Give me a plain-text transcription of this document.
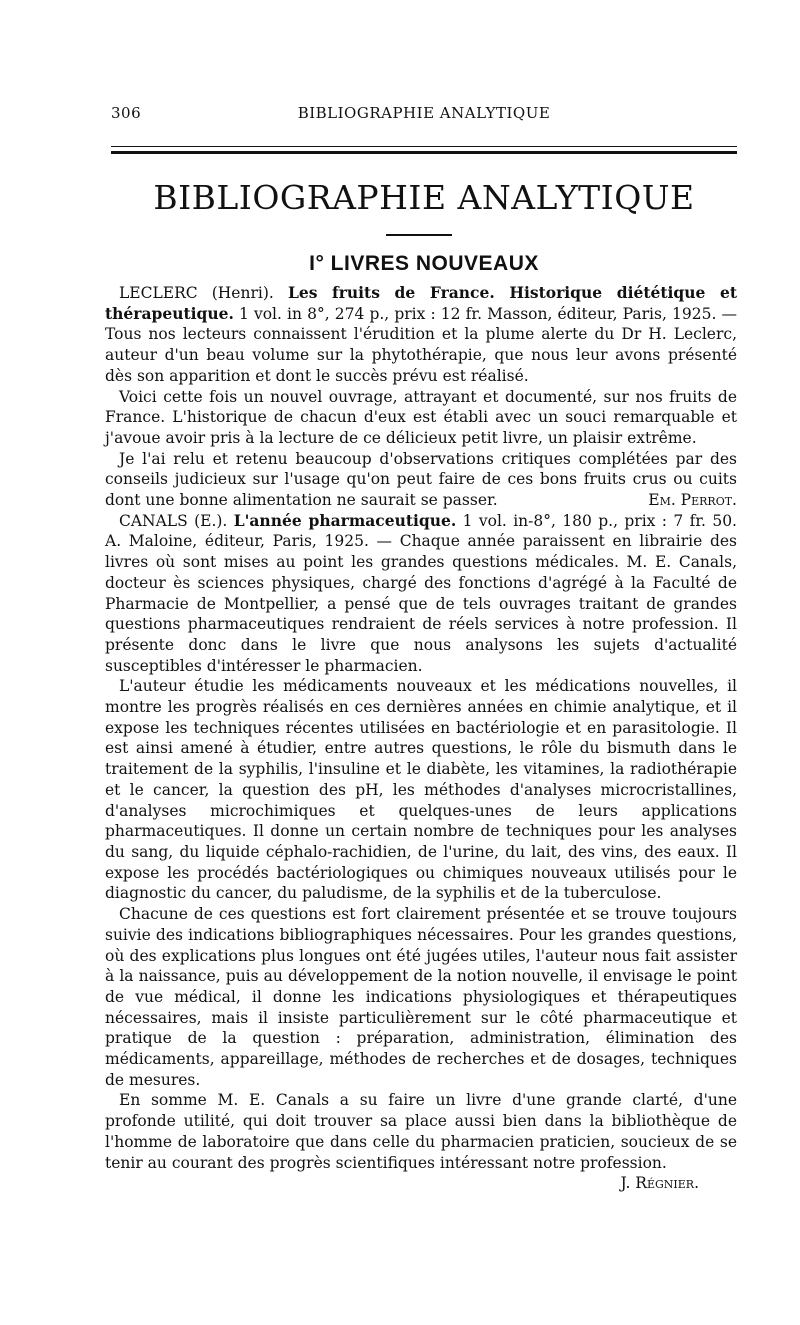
306	BIBLIOGRAPHIE ANALYTIQUE
BIBLIOGRAPHIE ANALYTIQUE
I° LIVRES NOUVEAUX

LECLERC (Henri). Les fruits de France. Historique diététique et thérapeutique. 1 vol. in 8°, 274 p., prix : 12 fr. Masson, éditeur, Paris, 1925. — Tous nos lecteurs connaissent l'érudition et la plume alerte du Dr H. Leclerc, auteur d'un beau volume sur la phytothérapie, que nous leur avons présenté dès son apparition et dont le succès prévu est réalisé.

Voici cette fois un nouvel ouvrage, attrayant et documenté, sur nos fruits de France. L'historique de chacun d'eux est établi avec un souci remarquable et j'avoue avoir pris à la lecture de ce délicieux petit livre, un plaisir extrême.

Je l'ai relu et retenu beaucoup d'observations critiques complétées par des conseils judicieux sur l'usage qu'on peut faire de ces bons fruits crus ou cuits dont une bonne alimentation ne saurait se passer.	Em. Perrot.

CANALS (E.). L'année pharmaceutique. 1 vol. in-8°, 180 p., prix : 7 fr. 50. A. Maloine, éditeur, Paris, 1925. — Chaque année paraissent en librairie des livres où sont mises au point les grandes questions médicales. M. E. Canals, docteur ès sciences physiques, chargé des fonctions d'agrégé à la Faculté de Pharmacie de Montpellier, a pensé que de tels ouvrages traitant de grandes questions pharmaceutiques rendraient de réels services à notre profession. Il présente donc dans le livre que nous analysons les sujets d'actualité susceptibles d'intéresser le pharmacien.

L'auteur étudie les médicaments nouveaux et les médications nouvelles, il montre les progrès réalisés en ces dernières années en chimie analytique, et il expose les techniques récentes utilisées en bactériologie et en parasitologie. Il est ainsi amené à étudier, entre autres questions, le rôle du bismuth dans le traitement de la syphilis, l'insuline et le diabète, les vitamines, la radiothérapie et le cancer, la question des pH, les méthodes d'analyses microcristallines, d'analyses microchimiques et quelques-unes de leurs applications pharmaceutiques. Il donne un certain nombre de techniques pour les analyses du sang, du liquide céphalo-rachidien, de l'urine, du lait, des vins, des eaux. Il expose les procédés bactériologiques ou chimiques nouveaux utilisés pour le diagnostic du cancer, du paludisme, de la syphilis et de la tuberculose.

Chacune de ces questions est fort clairement présentée et se trouve toujours suivie des indications bibliographiques nécessaires. Pour les grandes questions, où des explications plus longues ont été jugées utiles, l'auteur nous fait assister à la naissance, puis au développement de la notion nouvelle, il envisage le point de vue médical, il donne les indications physiologiques et thérapeutiques nécessaires, mais il insiste particulièrement sur le côté pharmaceutique et pratique de la question : préparation, administration, élimination des médicaments, appareillage, méthodes de recherches et de dosages, techniques de mesures.

En somme M. E. Canals a su faire un livre d'une grande clarté, d'une profonde utilité, qui doit trouver sa place aussi bien dans la bibliothèque de l'homme de laboratoire que dans celle du pharmacien praticien, soucieux de se tenir au courant des progrès scientifiques intéressant notre profession.

J. Régnier.
